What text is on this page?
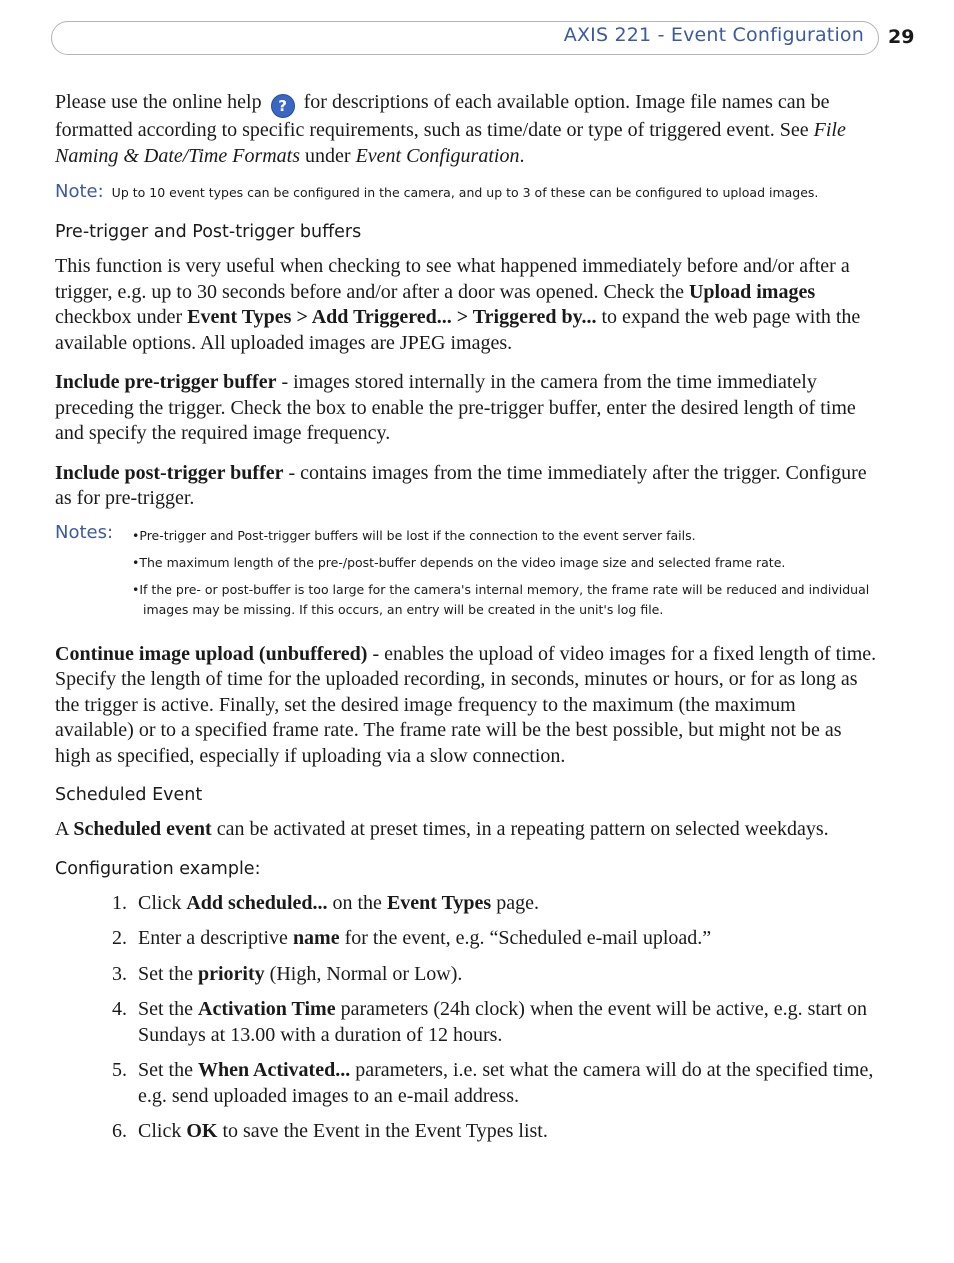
AXIS 221 - Event Configuration 29

Please use the online help ? for descriptions of each available option. Image file names can be formatted according to specific requirements, such as time/date or type of triggered event. See File Naming & Date/Time Formats under Event Configuration.

Note: Up to 10 event types can be configured in the camera, and up to 3 of these can be configured to upload images.
Pre-trigger and Post-trigger buffers

This function is very useful when checking to see what happened immediately before and/or after a trigger, e.g. up to 30 seconds before and/or after a door was opened. Check the Upload images checkbox under Event Types > Add Triggered... > Triggered by... to expand the web page with the available options. All uploaded images are JPEG images.

Include pre-trigger buffer - images stored internally in the camera from the time immediately preceding the trigger. Check the box to enable the pre-trigger buffer, enter the desired length of time and specify the required image frequency.

Include post-trigger buffer - contains images from the time immediately after the trigger. Configure as for pre-trigger.

Notes: •Pre-trigger and Post-trigger buffers will be lost if the connection to the event server fails.
•The maximum length of the pre-/post-buffer depends on the video image size and selected frame rate.
•If the pre- or post-buffer is too large for the camera's internal memory, the frame rate will be reduced and individual images may be missing. If this occurs, an entry will be created in the unit's log file.

Continue image upload (unbuffered) - enables the upload of video images for a fixed length of time. Specify the length of time for the uploaded recording, in seconds, minutes or hours, or for as long as the trigger is active. Finally, set the desired image frequency to the maximum (the maximum available) or to a specified frame rate. The frame rate will be the best possible, but might not be as high as specified, especially if uploading via a slow connection.

Scheduled Event

A Scheduled event can be activated at preset times, in a repeating pattern on selected weekdays.

Configuration example:
1. Click Add scheduled... on the Event Types page.
2. Enter a descriptive name for the event, e.g. “Scheduled e-mail upload.”
3. Set the priority (High, Normal or Low).
4. Set the Activation Time parameters (24h clock) when the event will be active, e.g. start on Sundays at 13.00 with a duration of 12 hours.
5. Set the When Activated... parameters, i.e. set what the camera will do at the specified time, e.g. send uploaded images to an e-mail address.
6. Click OK to save the Event in the Event Types list.
